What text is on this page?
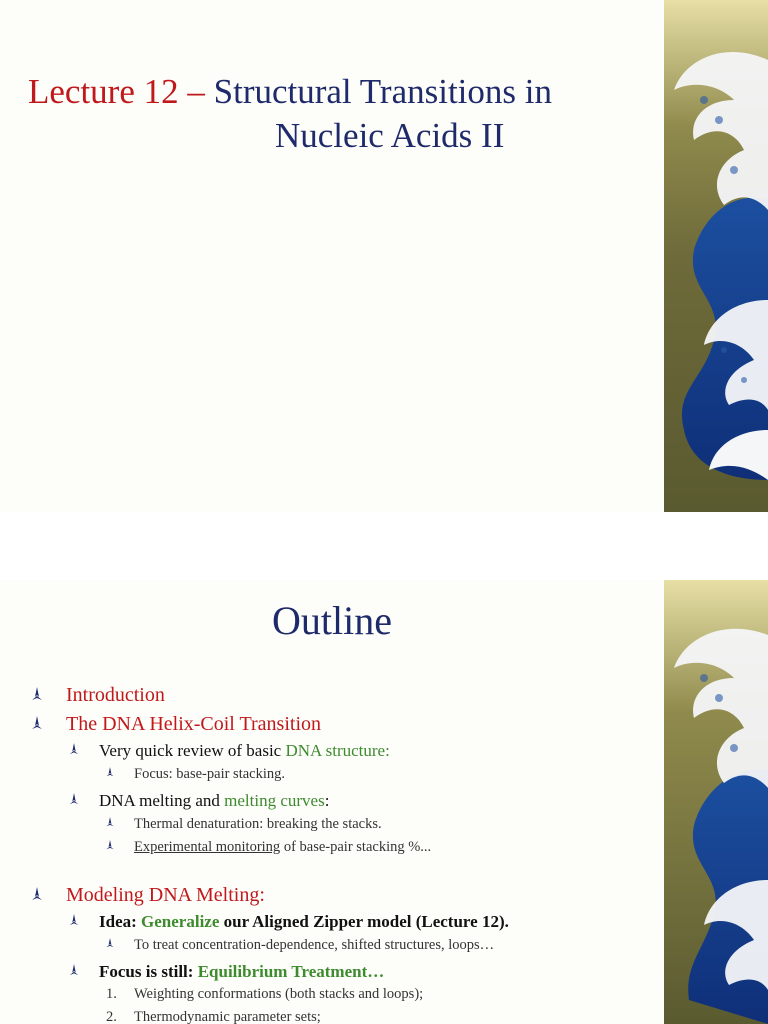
Lecture 12 – Structural Transitions in
Nucleic Acids II
Outline
Introduction
The DNA Helix-Coil Transition
Very quick review of basic DNA structure:
Focus: base-pair stacking.
DNA melting and melting curves:
Thermal denaturation: breaking the stacks.
Experimental monitoring of base-pair stacking %...
Modeling DNA Melting:
Idea: Generalize our Aligned Zipper model (Lecture 12).
To treat concentration-dependence, shifted structures, loops…
Focus is still: Equilibrium Treatment…
1. Weighting conformations (both stacks and loops);
2. Thermodynamic parameter sets;
